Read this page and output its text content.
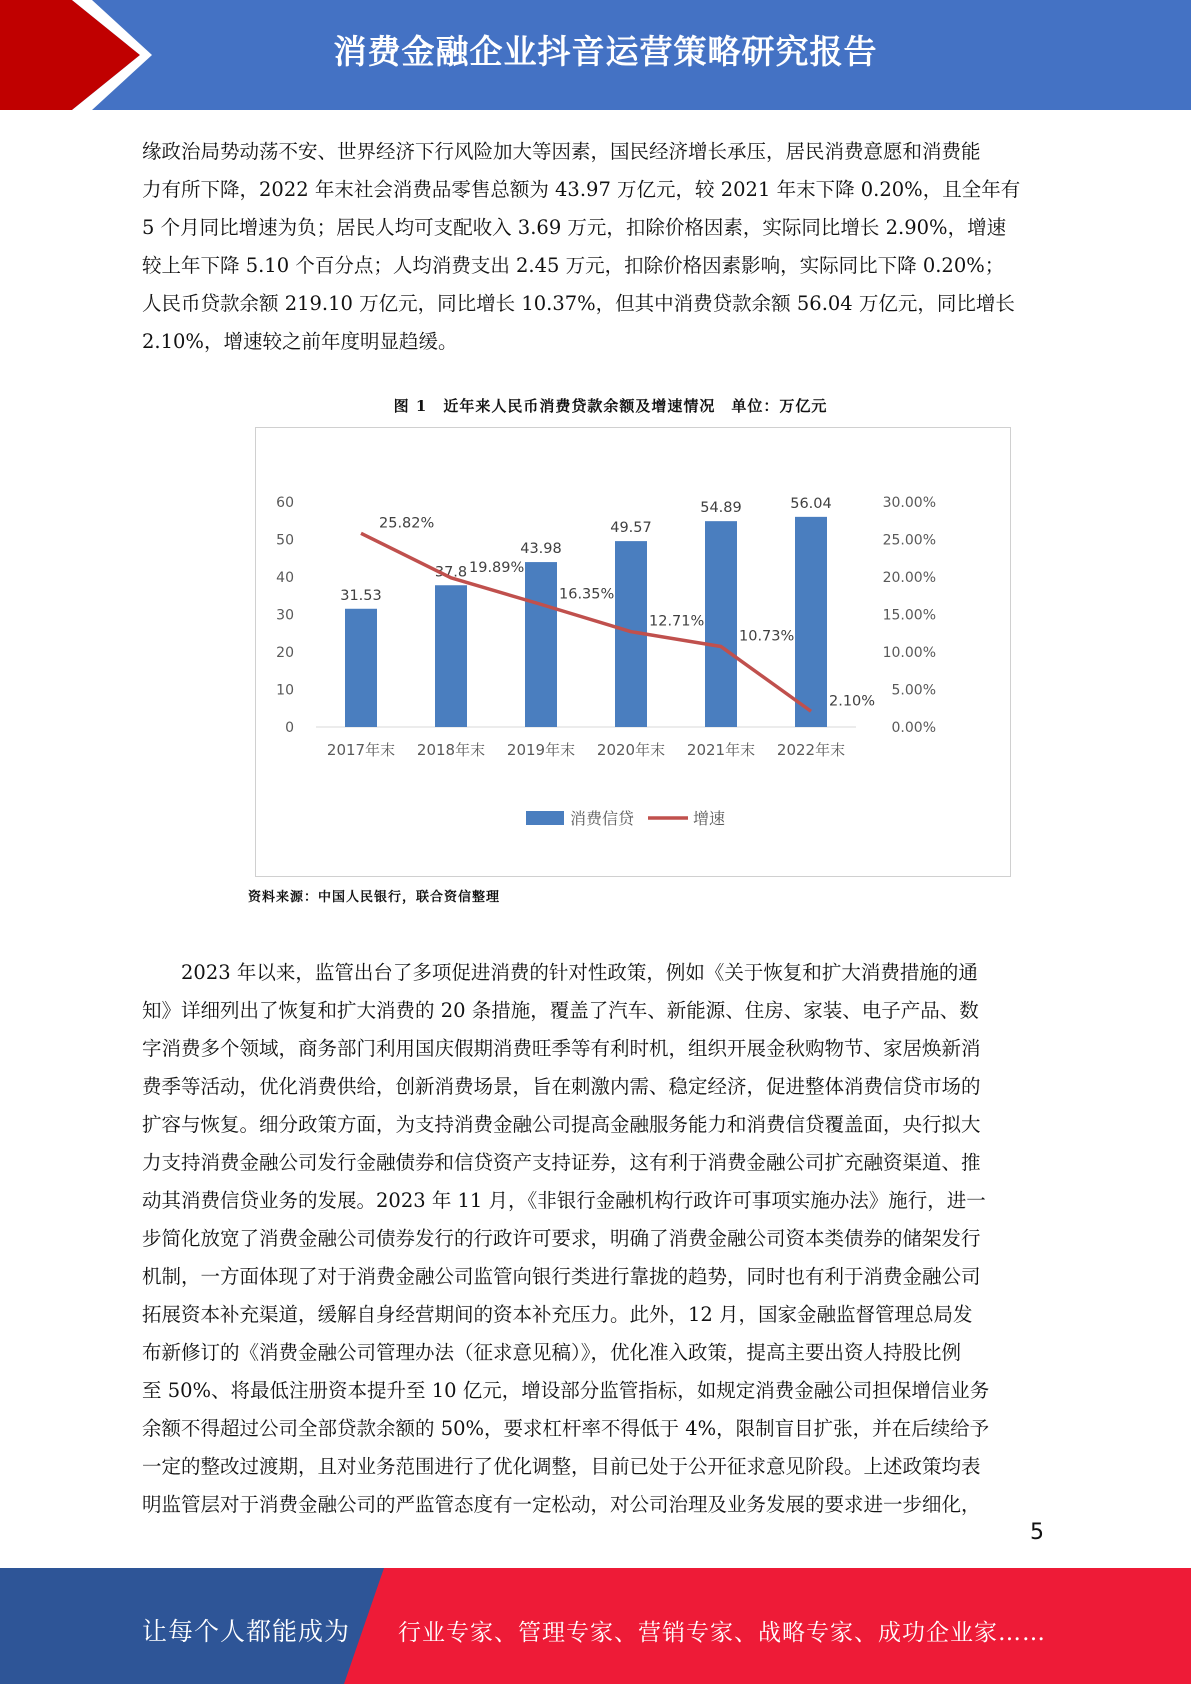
消费金融企业抖音运营策略研究报告
缘政治局势动荡不安、世界经济下行风险加大等因素，国民经济增长承压，居民消费意愿和消费能
力有所下降，2022 年末社会消费品零售总额为 43.97 万亿元，较 2021 年末下降 0.20%，且全年有
5 个月同比增速为负；居民人均可支配收入 3.69 万元，扣除价格因素，实际同比增长 2.90%，增速
较上年下降 5.10 个百分点；人均消费支出 2.45 万元，扣除价格因素影响，实际同比下降 0.20%；
人民币贷款余额 219.10 万亿元，同比增长 10.37%，但其中消费贷款余额 56.04 万亿元，同比增长
2.10%，增速较之前年度明显趋缓。
图 1　近年来人民币消费贷款余额及增速情况　单位：万亿元
0
10
20
30
40
50
60
0.00%
5.00%
10.00%
15.00%
20.00%
25.00%
30.00%
31.53
37.8
43.98
49.57
54.89	56.04
2017年末 2018年末 2019年末 2020年末 2021年末 2022年末
25.82%
19.89%
16.35%
12.71%
10.73%
2.10%
消费信贷	增速
资料来源：中国人民银行，联合资信整理
　　2023 年以来，监管出台了多项促进消费的针对性政策，例如《关于恢复和扩大消费措施的通
知》详细列出了恢复和扩大消费的 20 条措施，覆盖了汽车、新能源、住房、家装、电子产品、数
字消费多个领域，商务部门利用国庆假期消费旺季等有利时机，组织开展金秋购物节、家居焕新消
费季等活动，优化消费供给，创新消费场景，旨在刺激内需、稳定经济，促进整体消费信贷市场的
扩容与恢复。细分政策方面，为支持消费金融公司提高金融服务能力和消费信贷覆盖面，央行拟大
力支持消费金融公司发行金融债券和信贷资产支持证券，这有利于消费金融公司扩充融资渠道、推
动其消费信贷业务的发展。2023 年 11 月，《非银行金融机构行政许可事项实施办法》施行，进一
步简化放宽了消费金融公司债券发行的行政许可要求，明确了消费金融公司资本类债券的储架发行
机制，一方面体现了对于消费金融公司监管向银行类进行靠拢的趋势，同时也有利于消费金融公司
拓展资本补充渠道，缓解自身经营期间的资本补充压力。此外，12 月，国家金融监督管理总局发
布新修订的《消费金融公司管理办法（征求意见稿）》，优化准入政策，提高主要出资人持股比例
至 50%、将最低注册资本提升至 10 亿元，增设部分监管指标，如规定消费金融公司担保增信业务
余额不得超过公司全部贷款余额的 50%，要求杠杆率不得低于 4%，限制盲目扩张，并在后续给予
一定的整改过渡期，且对业务范围进行了优化调整，目前已处于公开征求意见阶段。上述政策均表
明监管层对于消费金融公司的严监管态度有一定松动，对公司治理及业务发展的要求进一步细化，
5
让每个人都能成为 行业专家、管理专家、营销专家、战略专家、成功企业家……
